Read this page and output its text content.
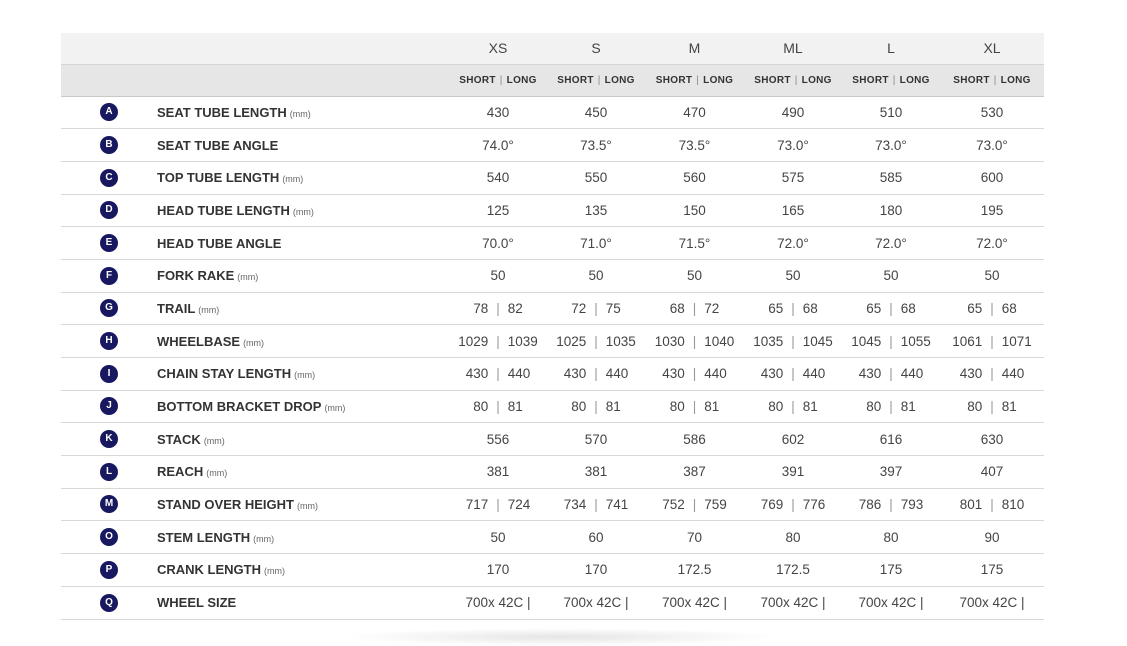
		XS	S	M	ML	L	XL
		SHORT | LONG	SHORT | LONG	SHORT | LONG	SHORT | LONG	SHORT | LONG	SHORT | LONG
A	SEAT TUBE LENGTH (mm)	430	450	470	490	510	530
B	SEAT TUBE ANGLE	74.0°	73.5°	73.5°	73.0°	73.0°	73.0°
C	TOP TUBE LENGTH (mm)	540	550	560	575	585	600
D	HEAD TUBE LENGTH (mm)	125	135	150	165	180	195
E	HEAD TUBE ANGLE	70.0°	71.0°	71.5°	72.0°	72.0°	72.0°
F	FORK RAKE (mm)	50	50	50	50	50	50
G	TRAIL (mm)	78 | 82	72 | 75	68 | 72	65 | 68	65 | 68	65 | 68
H	WHEELBASE (mm)	1029 | 1039	1025 | 1035	1030 | 1040	1035 | 1045	1045 | 1055	1061 | 1071
I	CHAIN STAY LENGTH (mm)	430 | 440	430 | 440	430 | 440	430 | 440	430 | 440	430 | 440
J	BOTTOM BRACKET DROP (mm)	80 | 81	80 | 81	80 | 81	80 | 81	80 | 81	80 | 81
K	STACK (mm)	556	570	586	602	616	630
L	REACH (mm)	381	381	387	391	397	407
M	STAND OVER HEIGHT (mm)	717 | 724	734 | 741	752 | 759	769 | 776	786 | 793	801 | 810
O	STEM LENGTH (mm)	50	60	70	80	80	90
P	CRANK LENGTH (mm)	170	170	172.5	172.5	175	175
Q	WHEEL SIZE	700x 42C |	700x 42C |	700x 42C |	700x 42C |	700x 42C |	700x 42C |
